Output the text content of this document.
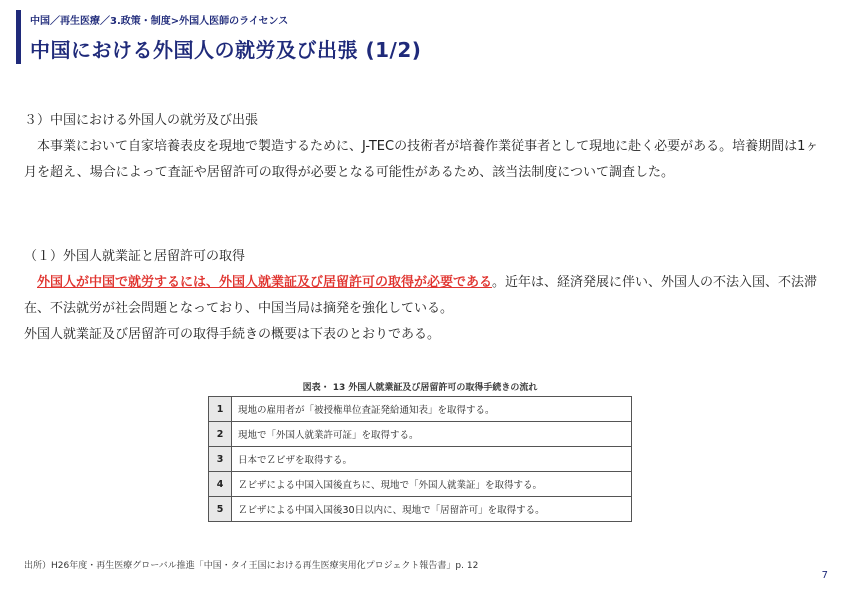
中国／再生医療／3.政策・制度>外国人医師のライセンス
中国における外国人の就労及び出張 (1/2)

３）中国における外国人の就労及び出張

本事業において自家培養表皮を現地で製造するために、J-TECの技術者が培養作業従事者として現地に赴く必要がある。培養期間は1ヶ月を超え、場合によって査証や居留許可の取得が必要となる可能性があるため、該当法制度について調査した。

（１）外国人就業証と居留許可の取得

外国人が中国で就労するには、外国人就業証及び居留許可の取得が必要である。近年は、経済発展に伴い、外国人の不法入国、不法滞在、不法就労が社会問題となっており、中国当局は摘発を強化している。

外国人就業証及び居留許可の取得手続きの概要は下表のとおりである。

図表・ 13 外国人就業証及び居留許可の取得手続きの流れ
1	現地の雇用者が「被授権単位査証発給通知表」を取得する。
2	現地で「外国人就業許可証」を取得する。
3	日本でＺビザを取得する。
4	Ｚビザによる中国入国後直ちに、現地で「外国人就業証」を取得する。
5	Ｚビザによる中国入国後30日以内に、現地で「居留許可」を取得する。
出所）H26年度・再生医療グローバル推進「中国・タイ王国における再生医療実用化プロジェクト報告書」p. 12
7
